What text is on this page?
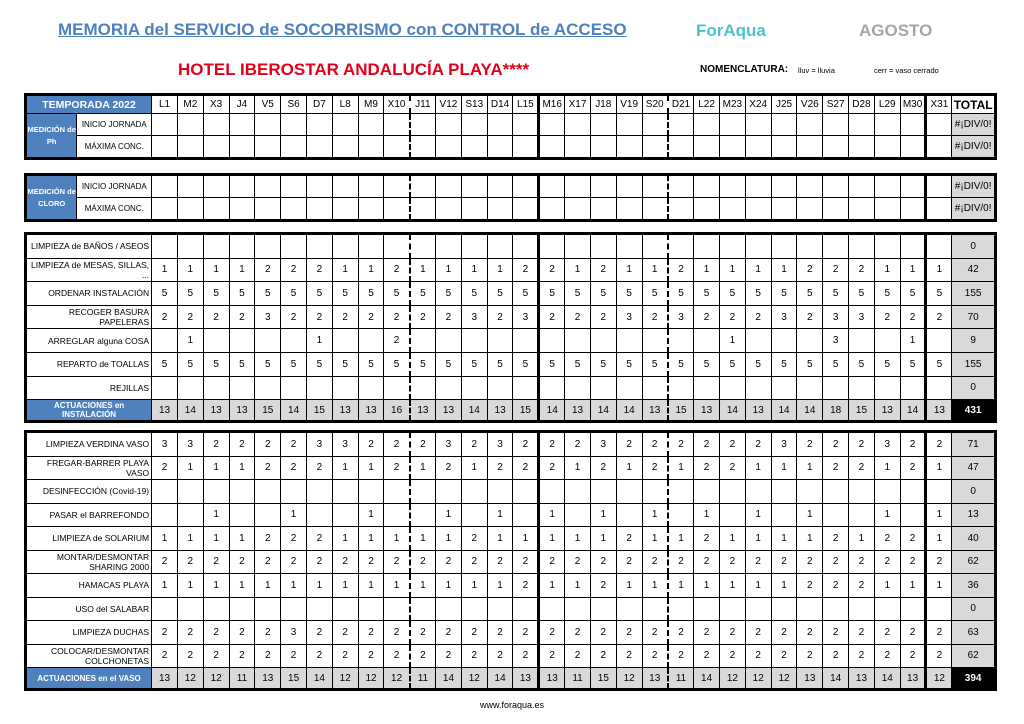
MEMORIA del SERVICIO de SOCORRISMO con CONTROL de ACCESO	ForAqua	AGOSTO
HOTEL IBEROSTAR ANDALUCÍA PLAYA****	NOMENCLATURA: lluv = lluvia	cerr = vaso cerrado
TEMPORADA 2022		L1	M2	X3	J4	V5	S6	D7	L8	M9	X10	J11	V12	S13	D14	L15	M16	X17	J18	V19	S20	D21	L22	M23	X24	J25	V26	S27	D28	L29	M30	X31	TOTAL
MEDICIÓN de Ph	INICIO JORNADA																																#¡DIV/0!
	MÁXIMA CONC.																																#¡DIV/0!
MEDICIÓN de CLORO	INICIO JORNADA																																#¡DIV/0!
	MÁXIMA CONC.																																#¡DIV/0!
LIMPIEZA de BAÑOS / ASEOS																																0
LIMPIEZA de MESAS, SILLAS, ...	1	1	1	1	2	2	2	1	1	2	1	1	1	1	2	2	1	2	1	1	2	1	1	1	1	2	2	2	1	1	1	42
ORDENAR INSTALACIÓN	5	5	5	5	5	5	5	5	5	5	5	5	5	5	5	5	5	5	5	5	5	5	5	5	5	5	5	5	5	5	5	155
RECOGER BASURA PAPELERAS	2	2	2	2	3	2	2	2	2	2	2	2	3	2	3	2	2	2	3	2	3	2	2	2	3	2	3	3	2	2	2	70
ARREGLAR alguna COSA		1					1			2													1				3			1		9
REPARTO de TOALLAS	5	5	5	5	5	5	5	5	5	5	5	5	5	5	5	5	5	5	5	5	5	5	5	5	5	5	5	5	5	5	5	155
REJILLAS																																0
ACTUACIONES en INSTALACIÓN	13	14	13	13	15	14	15	13	13	16	13	13	14	13	15	14	13	14	14	13	15	13	14	13	14	14	18	15	13	14	13	431
LIMPIEZA VERDINA VASO	3	3	2	2	2	2	3	3	2	2	2	3	2	3	2	2	2	3	2	2	2	2	2	2	3	2	2	2	3	2	2	71
FREGAR-BARRER PLAYA VASO	2	1	1	1	2	2	2	1	1	2	1	2	1	2	2	2	1	2	1	2	1	2	2	1	1	1	2	2	1	2	1	47
DESINFECCIÓN (Covid-19)																																0
PASAR el BARREFONDO			1			1			1			1		1		1		1		1		1		1		1			1		1	13
LIMPIEZA de SOLARIUM	1	1	1	1	2	2	2	1	1	1	1	1	2	1	1	1	1	1	2	1	1	2	1	1	1	1	2	1	2	2	1	40
MONTAR/DESMONTAR SHARING 2000	2	2	2	2	2	2	2	2	2	2	2	2	2	2	2	2	2	2	2	2	2	2	2	2	2	2	2	2	2	2	2	62
HAMACAS PLAYA	1	1	1	1	1	1	1	1	1	1	1	1	1	1	2	1	1	2	1	1	1	1	1	1	1	2	2	2	1	1	1	36
USO del SALABAR																																0
LIMPIEZA DUCHAS	2	2	2	2	2	3	2	2	2	2	2	2	2	2	2	2	2	2	2	2	2	2	2	2	2	2	2	2	2	2	2	63
COLOCAR/DESMONTAR COLCHONETAS	2	2	2	2	2	2	2	2	2	2	2	2	2	2	2	2	2	2	2	2	2	2	2	2	2	2	2	2	2	2	2	62
ACTUACIONES en el VASO	13	12	12	11	13	15	14	12	12	12	11	14	12	14	13	13	11	15	12	13	11	14	12	12	12	13	14	13	14	13	12	394
www.foraqua.es
